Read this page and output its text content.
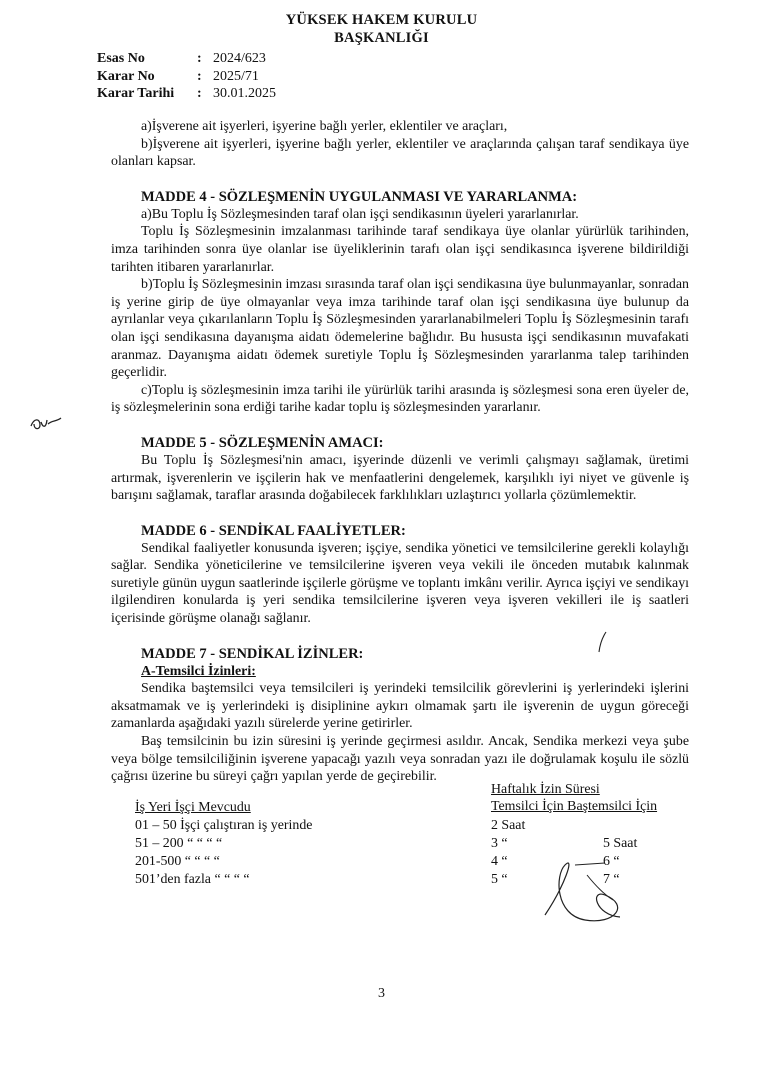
YÜKSEK HAKEM KURULU
BAŞKANLIĞI
Esas No	: 2024/623
Karar No	: 2025/71
Karar Tarihi	: 30.01.2025

a)İşverene ait işyerleri, işyerine bağlı yerler, eklentiler ve araçları,

b)İşverene ait işyerleri, işyerine bağlı yerler, eklentiler ve araçlarında çalışan taraf sendikaya üye olanları kapsar.

MADDE 4 - SÖZLEŞMENİN UYGULANMASI VE YARARLANMA:

a)Bu Toplu İş Sözleşmesinden taraf olan işçi sendikasının üyeleri yararlanırlar.

Toplu İş Sözleşmesinin imzalanması tarihinde taraf sendikaya üye olanlar yürürlük tarihinden, imza tarihinden sonra üye olanlar ise üyeliklerinin tarafı olan işçi sendikasınca işverene bildirildiği tarihten itibaren yararlanırlar.

b)Toplu İş Sözleşmesinin imzası sırasında taraf olan işçi sendikasına üye bulunmayanlar, sonradan iş yerine girip de üye olmayanlar veya imza tarihinde taraf olan işçi sendikasına üye bulunup da ayrılanlar veya çıkarılanların Toplu İş Sözleşmesinden yararlanabilmeleri Toplu İş Sözleşmesinin tarafı olan işçi sendikasına dayanışma aidatı ödemelerine bağlıdır. Bu hususta işçi sendikasının muvafakati aranmaz. Dayanışma aidatı ödemek suretiyle Toplu İş Sözleşmesinden yararlanma talep tarihinden geçerlidir.

c)Toplu iş sözleşmesinin imza tarihi ile yürürlük tarihi arasında iş sözleşmesi sona eren üyeler de, iş sözleşmelerinin sona erdiği tarihe kadar toplu iş sözleşmesinden yararlanır.

MADDE 5 - SÖZLEŞMENİN AMACI:

Bu Toplu İş Sözleşmesi'nin amacı, işyerinde düzenli ve verimli çalışmayı sağlamak, üretimi artırmak, işverenlerin ve işçilerin hak ve menfaatlerini dengelemek, karşılıklı iyi niyet ve güvenle iş barışını sağlamak, taraflar arasında doğabilecek farklılıkları uzlaştırıcı yollarla çözümlemektir.

MADDE 6 - SENDİKAL FAALİYETLER:

Sendikal faaliyetler konusunda işveren; işçiye, sendika yönetici ve temsilcilerine gerekli kolaylığı sağlar. Sendika yöneticilerine ve temsilcilerine işveren veya vekili ile önceden mutabık kalınmak suretiyle günün uygun saatlerinde işçilerle görüşme ve toplantı imkânı verilir. Ayrıca işçiyi ve sendikayı ilgilendiren konularda iş yeri sendika temsilcilerine işveren veya işveren vekilleri ile iş saatleri içerisinde görüşme olanağı sağlanır.

MADDE 7 - SENDİKAL İZİNLER:

A-Temsilci İzinleri:

Sendika baştemsilci veya temsilcileri iş yerindeki temsilcilik görevlerini iş yerlerindeki işlerini aksatmamak ve iş yerlerindeki iş disiplinine aykırı olmamak şartı ile işverenin de uygun göreceği zamanlarda aşağıdaki yazılı sürelerde yerine getirirler.

Baş temsilcinin bu izin süresini iş yerinde geçirmesi asıldır. Ancak, Sendika merkezi veya şube veya bölge temsilciliğinin işverene yapacağı yazılı veya sonradan yazı ile doğrulamak koşulu ile sözlü çağrısı üzerine bu süreyi çağrı yapılan yerde de geçirebilir.

Haftalık İzin Süresi
Temsilci İçin Baştemsilci İçin
İş Yeri İşçi Mevcudu
01 – 50 İşçi çalıştıran iş yerinde	2 Saat
51 – 200 “ “ “ “	3 “	5 Saat
201-500 “ “ “ “	4 “	6 “
501’den fazla “ “ “ “	5 “	7 “
3
